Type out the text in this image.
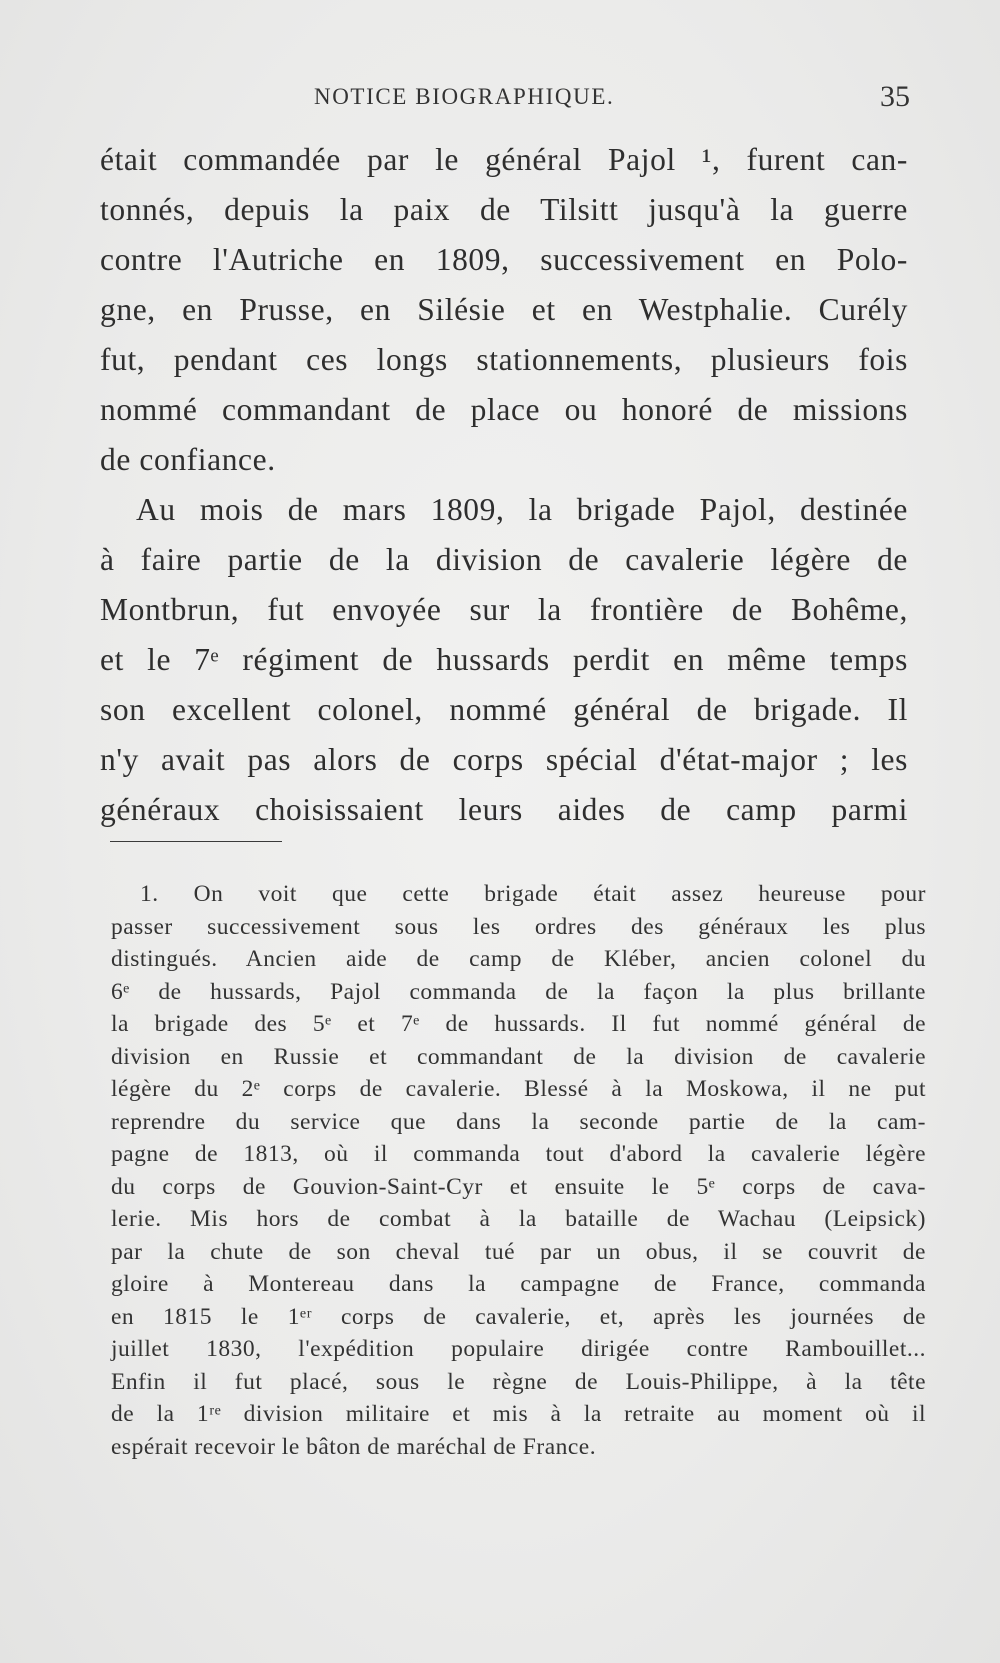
NOTICE BIOGRAPHIQUE.	35
était commandée par le général Pajol ¹, furent can-
tonnés, depuis la paix de Tilsitt jusqu'à la guerre
contre l'Autriche en 1809, successivement en Polo-
gne, en Prusse, en Silésie et en Westphalie. Curély
fut, pendant ces longs stationnements, plusieurs fois
nommé commandant de place ou honoré de missions
de confiance.
Au mois de mars 1809, la brigade Pajol, destinée
à faire partie de la division de cavalerie légère de
Montbrun, fut envoyée sur la frontière de Bohême,
et le 7ᵉ régiment de hussards perdit en même temps
son excellent colonel, nommé général de brigade. Il
n'y avait pas alors de corps spécial d'état-major ; les
généraux choisissaient leurs aides de camp parmi
1. On voit que cette brigade était assez heureuse pour
passer successivement sous les ordres des généraux les plus
distingués. Ancien aide de camp de Kléber, ancien colonel du
6ᵉ de hussards, Pajol commanda de la façon la plus brillante
la brigade des 5ᵉ et 7ᵉ de hussards. Il fut nommé général de
division en Russie et commandant de la division de cavalerie
légère du 2ᵉ corps de cavalerie. Blessé à la Moskowa, il ne put
reprendre du service que dans la seconde partie de la cam-
pagne de 1813, où il commanda tout d'abord la cavalerie légère
du corps de Gouvion-Saint-Cyr et ensuite le 5ᵉ corps de cava-
lerie. Mis hors de combat à la bataille de Wachau (Leipsick)
par la chute de son cheval tué par un obus, il se couvrit de
gloire à Montereau dans la campagne de France, commanda
en 1815 le 1ᵉʳ corps de cavalerie, et, après les journées de
juillet 1830, l'expédition populaire dirigée contre Rambouillet...
Enfin il fut placé, sous le règne de Louis-Philippe, à la tête
de la 1ʳᵉ division militaire et mis à la retraite au moment où il
espérait recevoir le bâton de maréchal de France.
